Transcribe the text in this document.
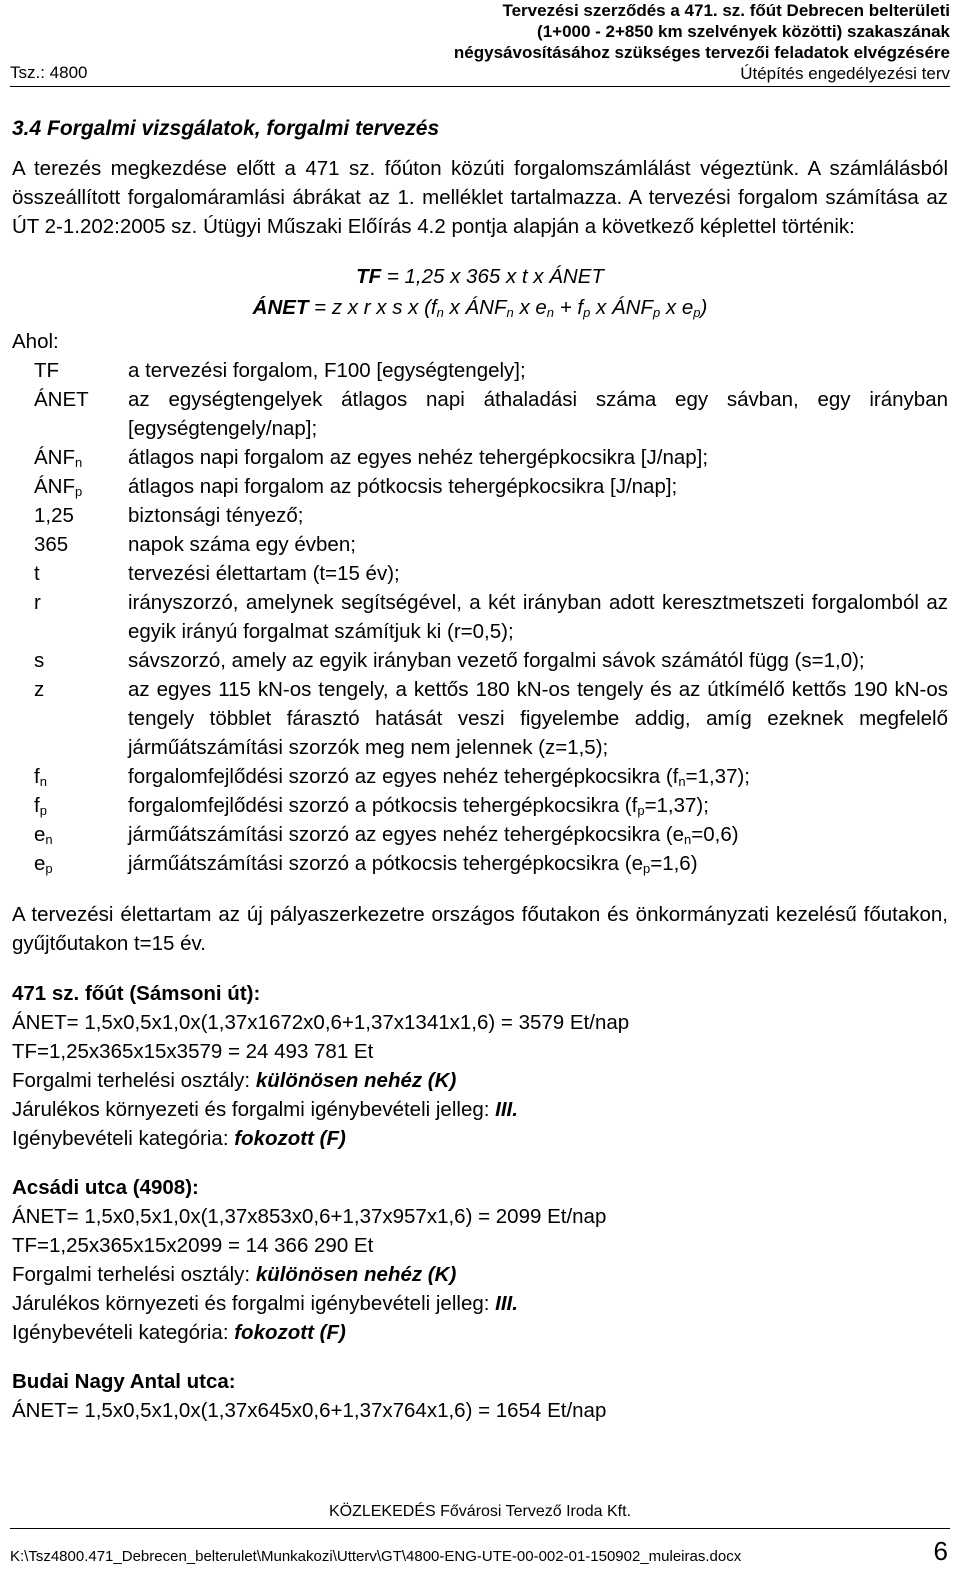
Tsz.: 4800
Tervezési szerződés a 471. sz. főút Debrecen belterületi
(1+000 - 2+850 km szelvények közötti) szakaszának
négysávosításához szükséges tervezői feladatok elvégzésére
Útépítés engedélyezési terv
3.4 Forgalmi vizsgálatok, forgalmi tervezés

A terezés megkezdése előtt a 471 sz. főúton közúti forgalomszámlálást végeztünk. A számlálásból összeállított forgalomáramlási ábrákat az 1. melléklet tartalmazza. A tervezési forgalom számítása az ÚT 2-1.202:2005 sz. Útügyi Műszaki Előírás 4.2 pontja alapján a következő képlettel történik:

TF = 1,25 x 365 x t x ÁNET

ÁNET = z x r x s x ($f_n$ x $ÁNF_n$ x $e_n + f_p$ x $ÁNF_p$ x $e_p$)

Ahol:

TF	a tervezési forgalom, F100 [egységtengely];
ÁNET	az egységtengelyek átlagos napi áthaladási száma egy sávban, egy irányban [egységtengely/nap];
$ÁNF_n$	átlagos napi forgalom az egyes nehéz tehergépkocsikra [J/nap];
$ÁNF_p$	átlagos napi forgalom az pótkocsis tehergépkocsikra [J/nap];
1,25	biztonsági tényező;
365	napok száma egy évben;
t	tervezési élettartam (t=15 év);
r	irányszorzó, amelynek segítségével, a két irányban adott keresztmetszeti forgalomból az egyik irányú forgalmat számítjuk ki (r=0,5);
s	sávszorzó, amely az egyik irányban vezető forgalmi sávok számától függ (s=1,0);
z	az egyes 115 kN-os tengely, a kettős 180 kN-os tengely és az útkímélő kettős 190 kN-os tengely többlet fárasztó hatását veszi figyelembe addig, amíg ezeknek megfelelő járműátszámítási szorzók meg nem jelennek (z=1,5);
$f_n$	forgalomfejlődési szorzó az egyes nehéz tehergépkocsikra $(f_n=1,37)$;
$f_p$	forgalomfejlődési szorzó a pótkocsis tehergépkocsikra $(f_p=1,37)$;
$e_n$	járműátszámítási szorzó az egyes nehéz tehergépkocsikra $(e_n=0,6)$
$e_p$	járműátszámítási szorzó a pótkocsis tehergépkocsikra $(e_p=1,6)$

A tervezési élettartam az új pályaszerkezetre országos főutakon és önkormányzati kezelésű főutakon, gyűjtőutakon t=15 év.

471 sz. főút (Sámsoni út):

ÁNET= 1,5x0,5x1,0x(1,37x1672x0,6+1,37x1341x1,6) = 3579 Et/nap

TF=1,25x365x15x3579 = 24 493 781 Et

Forgalmi terhelési osztály: különösen nehéz (K)

Járulékos környezeti és forgalmi igénybevételi jelleg: III.

Igénybevételi kategória: fokozott (F)

Acsádi utca (4908):

ÁNET= 1,5x0,5x1,0x(1,37x853x0,6+1,37x957x1,6) = 2099 Et/nap

TF=1,25x365x15x2099 = 14 366 290 Et

Forgalmi terhelési osztály: különösen nehéz (K)

Járulékos környezeti és forgalmi igénybevételi jelleg: III.

Igénybevételi kategória: fokozott (F)

Budai Nagy Antal utca:

ÁNET= 1,5x0,5x1,0x(1,37x645x0,6+1,37x764x1,6) = 1654 Et/nap

KÖZLEKEDÉS Fővárosi Tervező Iroda Kft.
K:\Tsz4800.471_Debrecen_belterulet\Munkakozi\Utterv\GT\4800-ENG-UTE-00-002-01-150902_muleiras.docx	6
